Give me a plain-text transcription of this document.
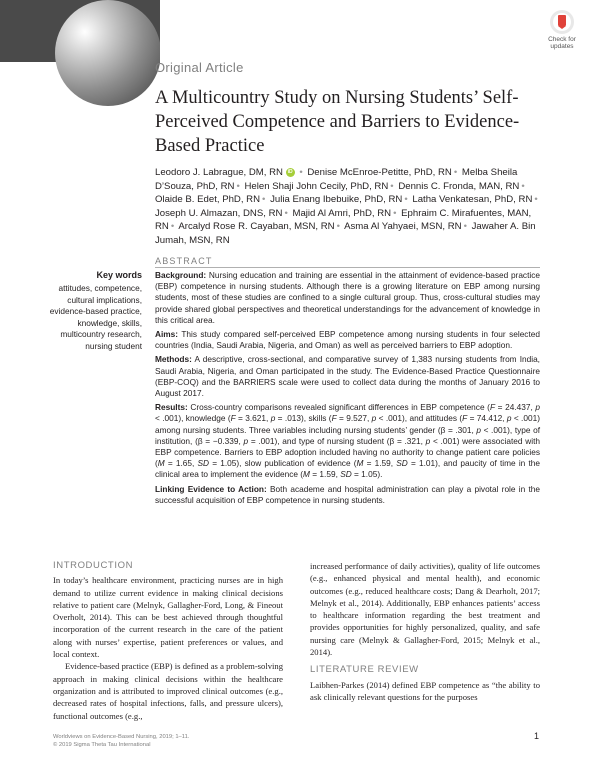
Check for
updates
Original Article
A Multicountry Study on Nursing Students’ Self-Perceived Competence and Barriers to Evidence-Based Practice
Leodoro J. Labrague, DM, RN iD • Denise McEnroe-Petitte, PhD, RN • Melba Sheila D’Souza, PhD, RN • Helen Shaji John Cecily, PhD, RN • Dennis C. Fronda, MAN, RN • Olaide B. Edet, PhD, RN • Julia Enang Ibebuike, PhD, RN • Latha Venkatesan, PhD, RN • Joseph U. Almazan, DNS, RN • Majid Al Amri, PhD, RN • Ephraim C. Mirafuentes, MAN, RN • Arcalyd Rose R. Cayaban, MSN, RN • Asma Al Yahyaei, MSN, RN • Jawaher A. Bin Jumah, MSN, RN
ABSTRACT
Key words
attitudes, competence, cultural implications, evidence-based practice, knowledge, skills, multicountry research, nursing student

Background: Nursing education and training are essential in the attainment of evidence-based practice (EBP) competence in nursing students. Although there is a growing literature on EBP among nursing students, most of these studies are confined to a single cultural group. Thus, cross-cultural studies may provide shared global perspectives and theoretical understandings for the advancement of knowledge in this critical area.

Aims: This study compared self-perceived EBP competence among nursing students in four selected countries (India, Saudi Arabia, Nigeria, and Oman) as well as perceived barriers to EBP adoption.

Methods: A descriptive, cross-sectional, and comparative survey of 1,383 nursing students from India, Saudi Arabia, Nigeria, and Oman participated in the study. The Evidence-Based Practice Questionnaire (EBP-COQ) and the BARRIERS scale were used to collect data during the months of January 2016 to August 2017.

Results: Cross-country comparisons revealed significant differences in EBP competence (F = 24.437, p < .001), knowledge (F = 3.621, p = .013), skills (F = 9.527, p < .001), and attitudes (F = 74.412, p < .001) among nursing students. Three variables including nursing students’ gender (β = .301, p < .001), type of institution, (β = −0.339, p = .001), and type of nursing student (β = .321, p < .001) were associated with EBP competence. Barriers to EBP adoption included having no authority to change patient care policies (M = 1.65, SD = 1.05), slow publication of evidence (M = 1.59, SD = 1.01), and paucity of time in the clinical area to implement the evidence (M = 1.59, SD = 1.05).

Linking Evidence to Action: Both academe and hospital administration can play a pivotal role in the successful acquisition of EBP competence in nursing students.

INTRODUCTION

In today’s healthcare environment, practicing nurses are in high demand to utilize current evidence in making clinical decisions relative to patient care (Melnyk, Gallagher-Ford, Long, & Fineout Overholt, 2014). This can be best achieved through thoughtful incorporation of the current research in the care of the patient along with nurses’ expertise, patient preferences or values, and local context.

Evidence-based practice (EBP) is defined as a problem-solving approach in making clinical decisions within the healthcare organization and is attributed to improved clinical outcomes (e.g., decreased rates of hospital infections, falls, and pressure ulcers), functional outcomes (e.g.,

increased performance of daily activities), quality of life outcomes (e.g., enhanced physical and mental health), and economic outcomes (e.g., reduced healthcare costs; Dang & Dearholt, 2017; Melnyk et al., 2014). Additionally, EBP enhances patients’ access to healthcare information regarding the best treatment and provides opportunities for highly personalized, quality, and safe nursing care (Melnyk & Gallagher-Ford, 2015; Melnyk et al., 2014).

LITERATURE REVIEW

Laibhen-Parkes (2014) defined EBP competence as “the ability to ask clinically relevant questions for the purposes

Worldviews on Evidence-Based Nursing, 2019; 1–11.
© 2019 Sigma Theta Tau International
1
